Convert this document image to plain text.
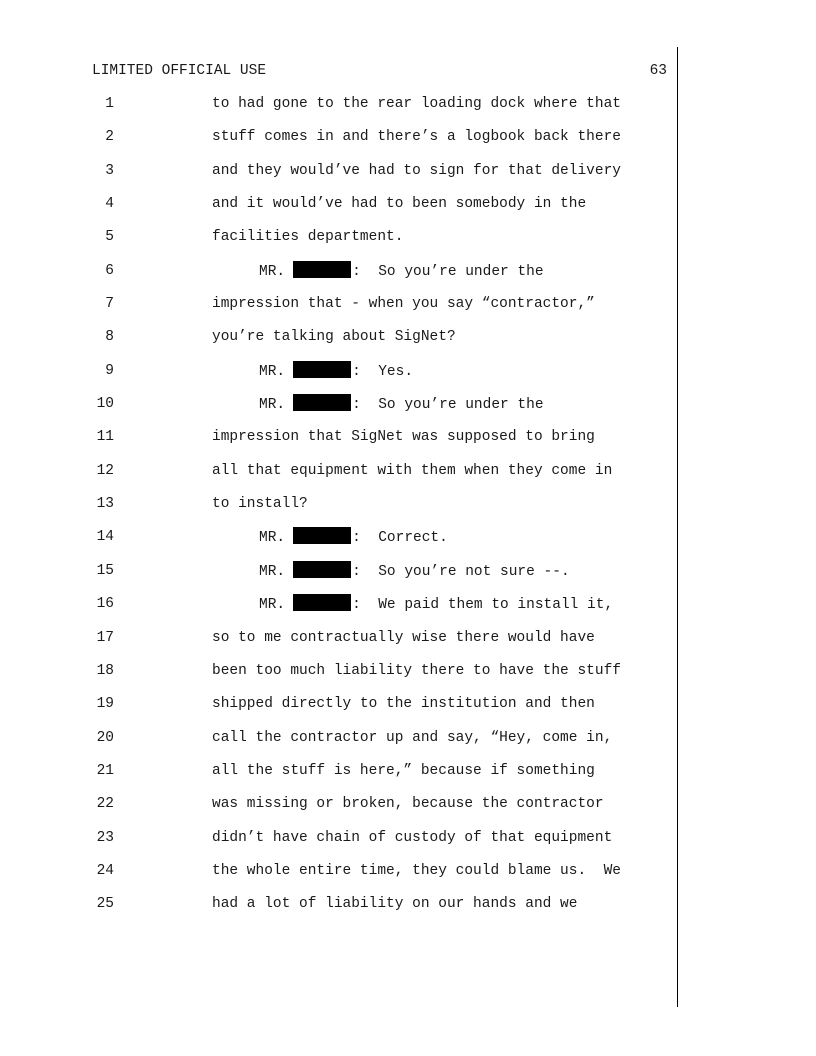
LIMITED OFFICIAL USE	63
1	to had gone to the rear loading dock where that
2	stuff comes in and there’s a logbook back there
3	and they would’ve had to sign for that delivery
4	and it would’ve had to been somebody in the
5	facilities department.
6	MR.	:  So you’re under the
7	impression that - when you say “contractor,”
8	you’re talking about SigNet?
9	MR.	:  Yes.
10	MR.	:  So you’re under the
11	impression that SigNet was supposed to bring
12	all that equipment with them when they come in
13	to install?
14	MR.	:  Correct.
15	MR.	:  So you’re not sure --.
16	MR.	:  We paid them to install it,
17	so to me contractually wise there would have
18	been too much liability there to have the stuff
19	shipped directly to the institution and then
20	call the contractor up and say, “Hey, come in,
21	all the stuff is here,” because if something
22	was missing or broken, because the contractor
23	didn’t have chain of custody of that equipment
24	the whole entire time, they could blame us.  We
25	had a lot of liability on our hands and we
